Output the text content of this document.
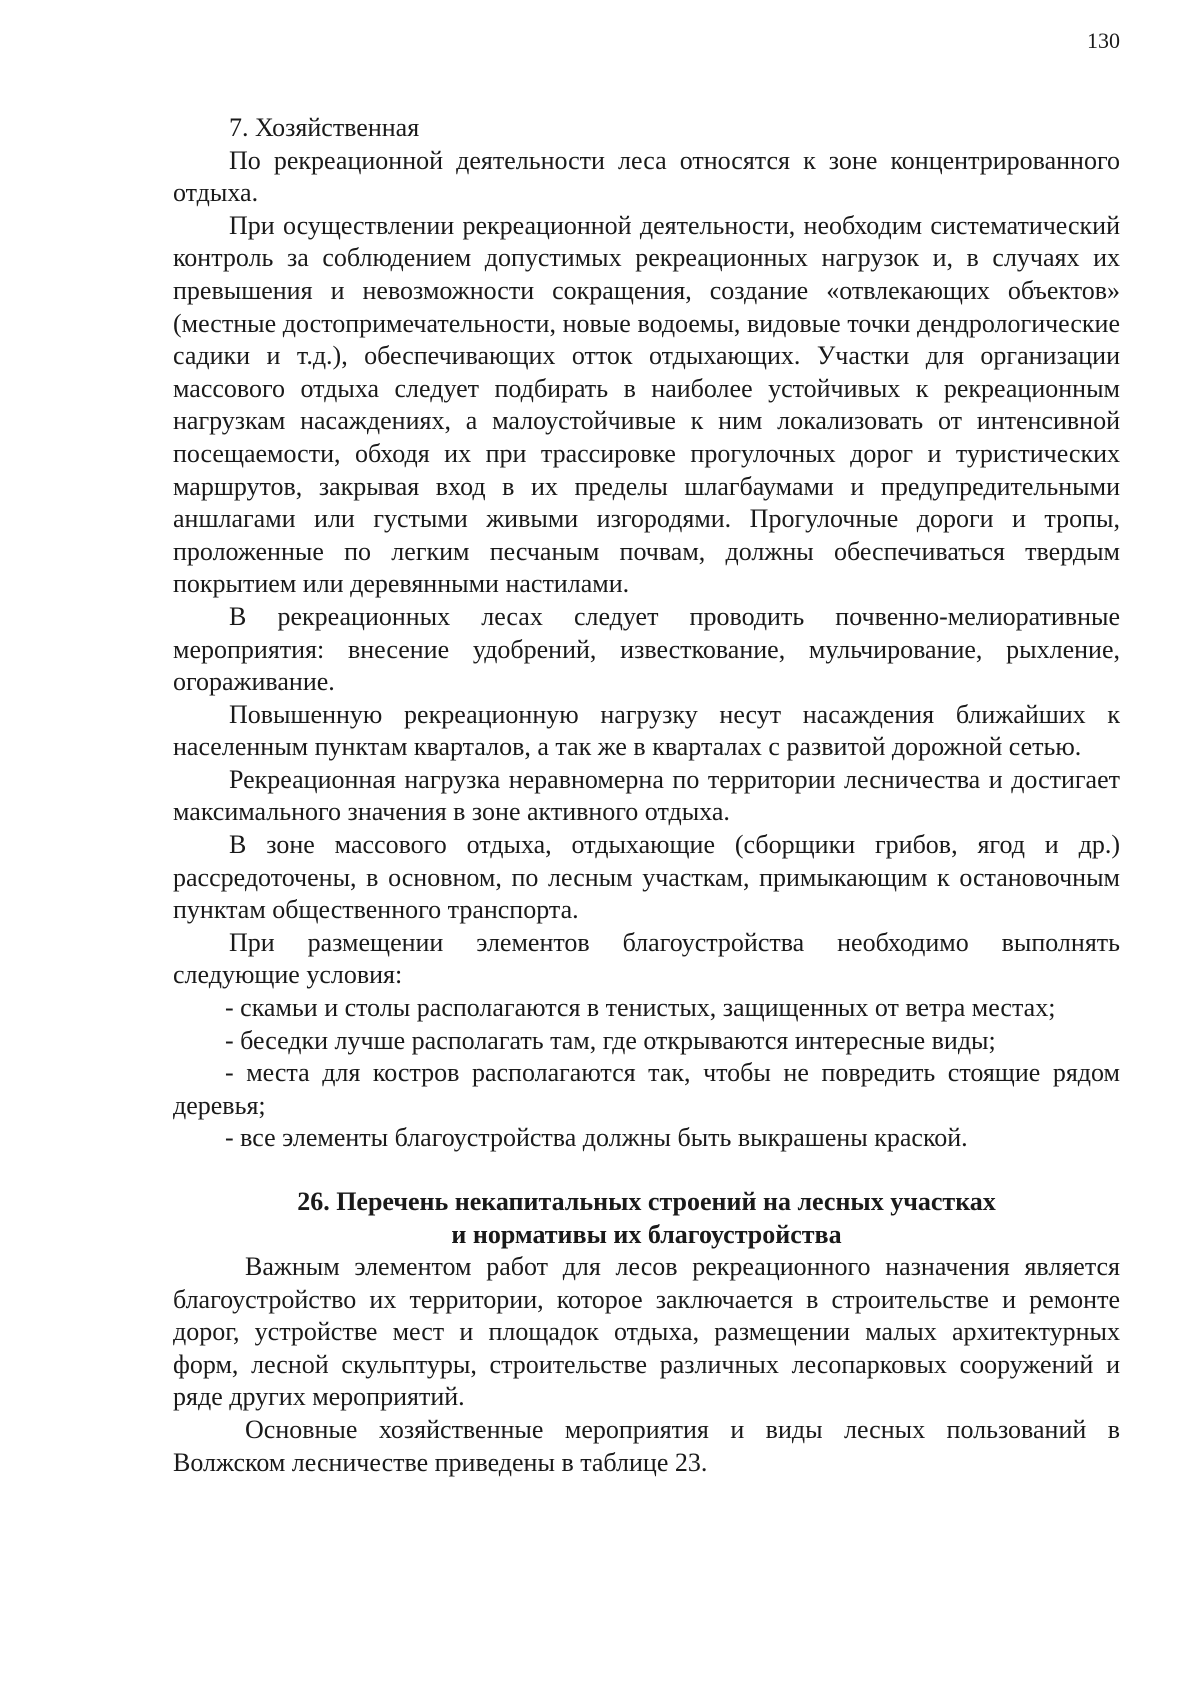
130

7. Хозяйственная

По рекреационной деятельности леса относятся к зоне концентрированного отдыха.

При осуществлении рекреационной деятельности, необходим систематический контроль за соблюдением допустимых рекреационных нагрузок и, в случаях их превышения и невозможности сокращения, создание «отвлекающих объектов» (местные достопримечательности, новые водоемы, видовые точки дендрологические садики и т.д.), обеспечивающих отток отдыхающих. Участки для организации массового отдыха следует подбирать в наиболее устойчивых к рекреационным нагрузкам насаждениях, а малоустойчивые к ним локализовать от интенсивной посещаемости, обходя их при трассировке прогулочных дорог и туристических маршрутов, закрывая вход в их пределы шлагбаумами и предупредительными аншлагами или густыми живыми изгородями. Прогулочные дороги и тропы, проложенные по легким песчаным почвам, должны обеспечиваться твердым покрытием или деревянными настилами.

В рекреационных лесах следует проводить почвенно-мелиоративные мероприятия: внесение удобрений, известкование, мульчирование, рыхление, огораживание.

Повышенную рекреационную нагрузку несут насаждения ближайших к населенным пунктам кварталов, а так же в кварталах с развитой дорожной сетью.

Рекреационная нагрузка неравномерна по территории лесничества и достигает максимального значения в зоне активного отдыха.

В зоне массового отдыха, отдыхающие (сборщики грибов, ягод и др.) рассредоточены, в основном, по лесным участкам, примыкающим к остановочным пунктам общественного транспорта.

При размещении элементов благоустройства необходимо выполнять следующие условия:

- скамьи и столы располагаются в тенистых, защищенных от ветра местах;

- беседки лучше располагать там, где открываются интересные виды;

- места для костров располагаются так, чтобы не повредить стоящие рядом деревья;

- все элементы благоустройства должны быть выкрашены краской.

26. Перечень некапитальных строений на лесных участках
и нормативы их благоустройства

Важным элементом работ для лесов рекреационного назначения является благоустройство их территории, которое заключается в строительстве и ремонте дорог, устройстве мест и площадок отдыха, размещении малых архитектурных форм, лесной скульптуры, строительстве различных лесопарковых сооружений и ряде других мероприятий.

Основные хозяйственные мероприятия и виды лесных пользований в Волжском лесничестве приведены в таблице 23.
